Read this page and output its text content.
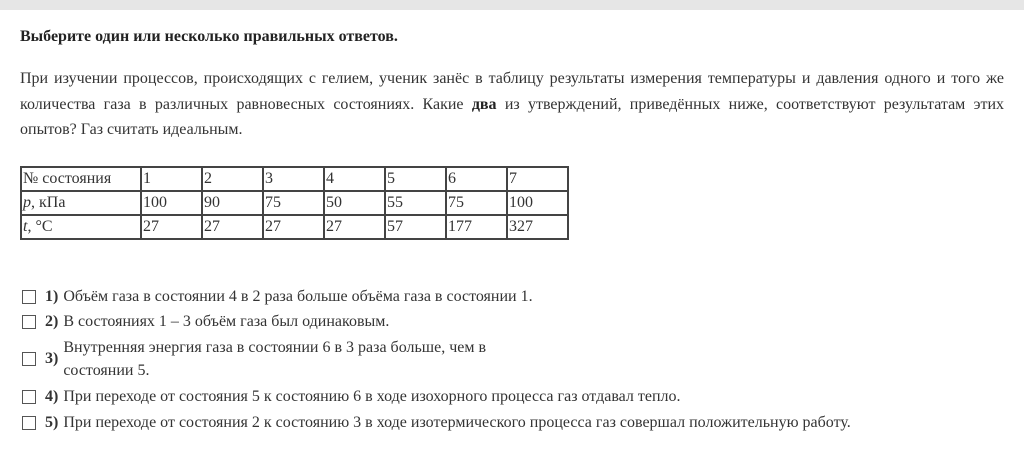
Выберите один или несколько правильных ответов.
При изучении процессов, происходящих с гелием, ученик занёс в таблицу результаты измерения температуры и давления одного и того же количества газа в различных равновесных состояниях. Какие два из утверждений, приведённых ниже, соответствуют результатам этих опытов? Газ считать идеальным.
№ состояния	1	2	3	4	5	6	7
p, кПа	100	90	75	50	55	75	100
t, °C	27	27	27	27	57	177	327
1) Объём газа в состоянии 4 в 2 раза больше объёма газа в состоянии 1.
2) В состояниях 1 – 3 объём газа был одинаковым.
3)
Внутренняя энергия газа в состоянии 6 в 3 раза больше, чем в состоянии 5.
4) При переходе от состояния 5 к состоянию 6 в ходе изохорного процесса газ отдавал тепло.
5) При переходе от состояния 2 к состоянию 3 в ходе изотермического процесса газ совершал положительную работу.
